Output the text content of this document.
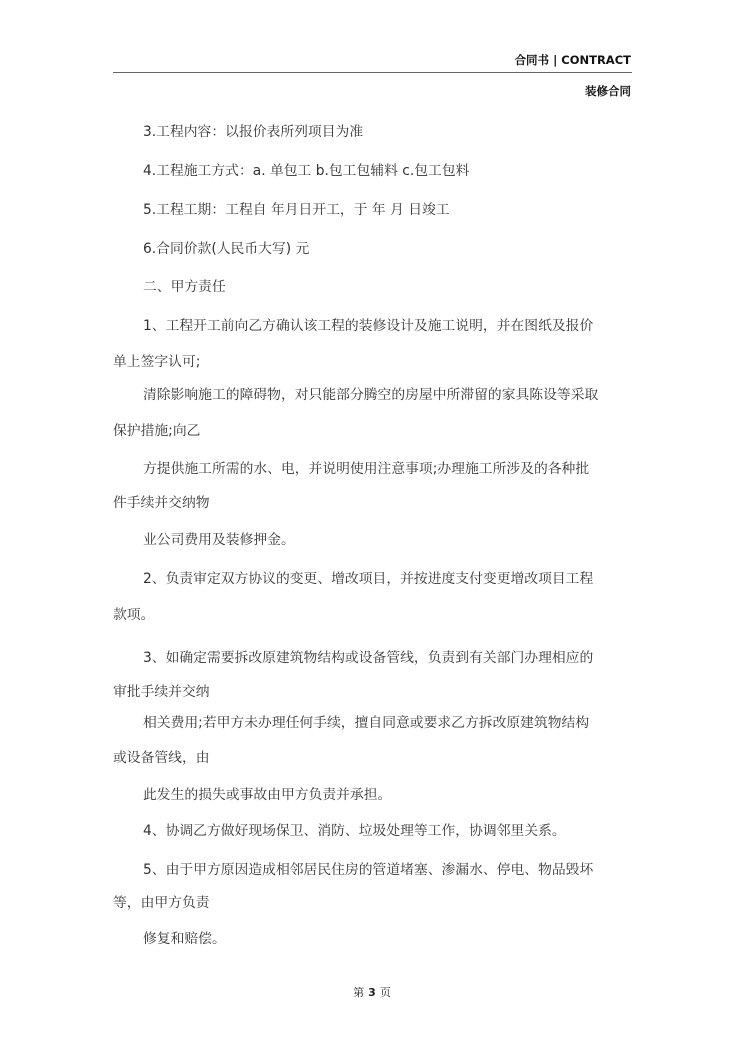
合同书 | CONTRACT
装修合同
3.工程内容：以报价表所列项目为准
4.工程施工方式：a. 单包工 b.包工包辅料 c.包工包料
5.工程工期：工程自 年月日开工，于 年 月 日竣工
6.合同价款(人民币大写) 元
二、甲方责任
1、工程开工前向乙方确认该工程的装修设计及施工说明，并在图纸及报价
单上签字认可;
清除影响施工的障碍物，对只能部分腾空的房屋中所滞留的家具陈设等采取
保护措施;向乙
方提供施工所需的水、电，并说明使用注意事项;办理施工所涉及的各种批
件手续并交纳物
业公司费用及装修押金。
2、负责审定双方协议的变更、增改项目，并按进度支付变更增改项目工程
款项。
3、如确定需要拆改原建筑物结构或设备管线，负责到有关部门办理相应的
审批手续并交纳
相关费用;若甲方未办理任何手续，擅自同意或要求乙方拆改原建筑物结构
或设备管线，由
此发生的损失或事故由甲方负责并承担。
4、协调乙方做好现场保卫、消防、垃圾处理等工作，协调邻里关系。
5、由于甲方原因造成相邻居民住房的管道堵塞、渗漏水、停电、物品毁坏
等，由甲方负责
修复和赔偿。
第 3 页
